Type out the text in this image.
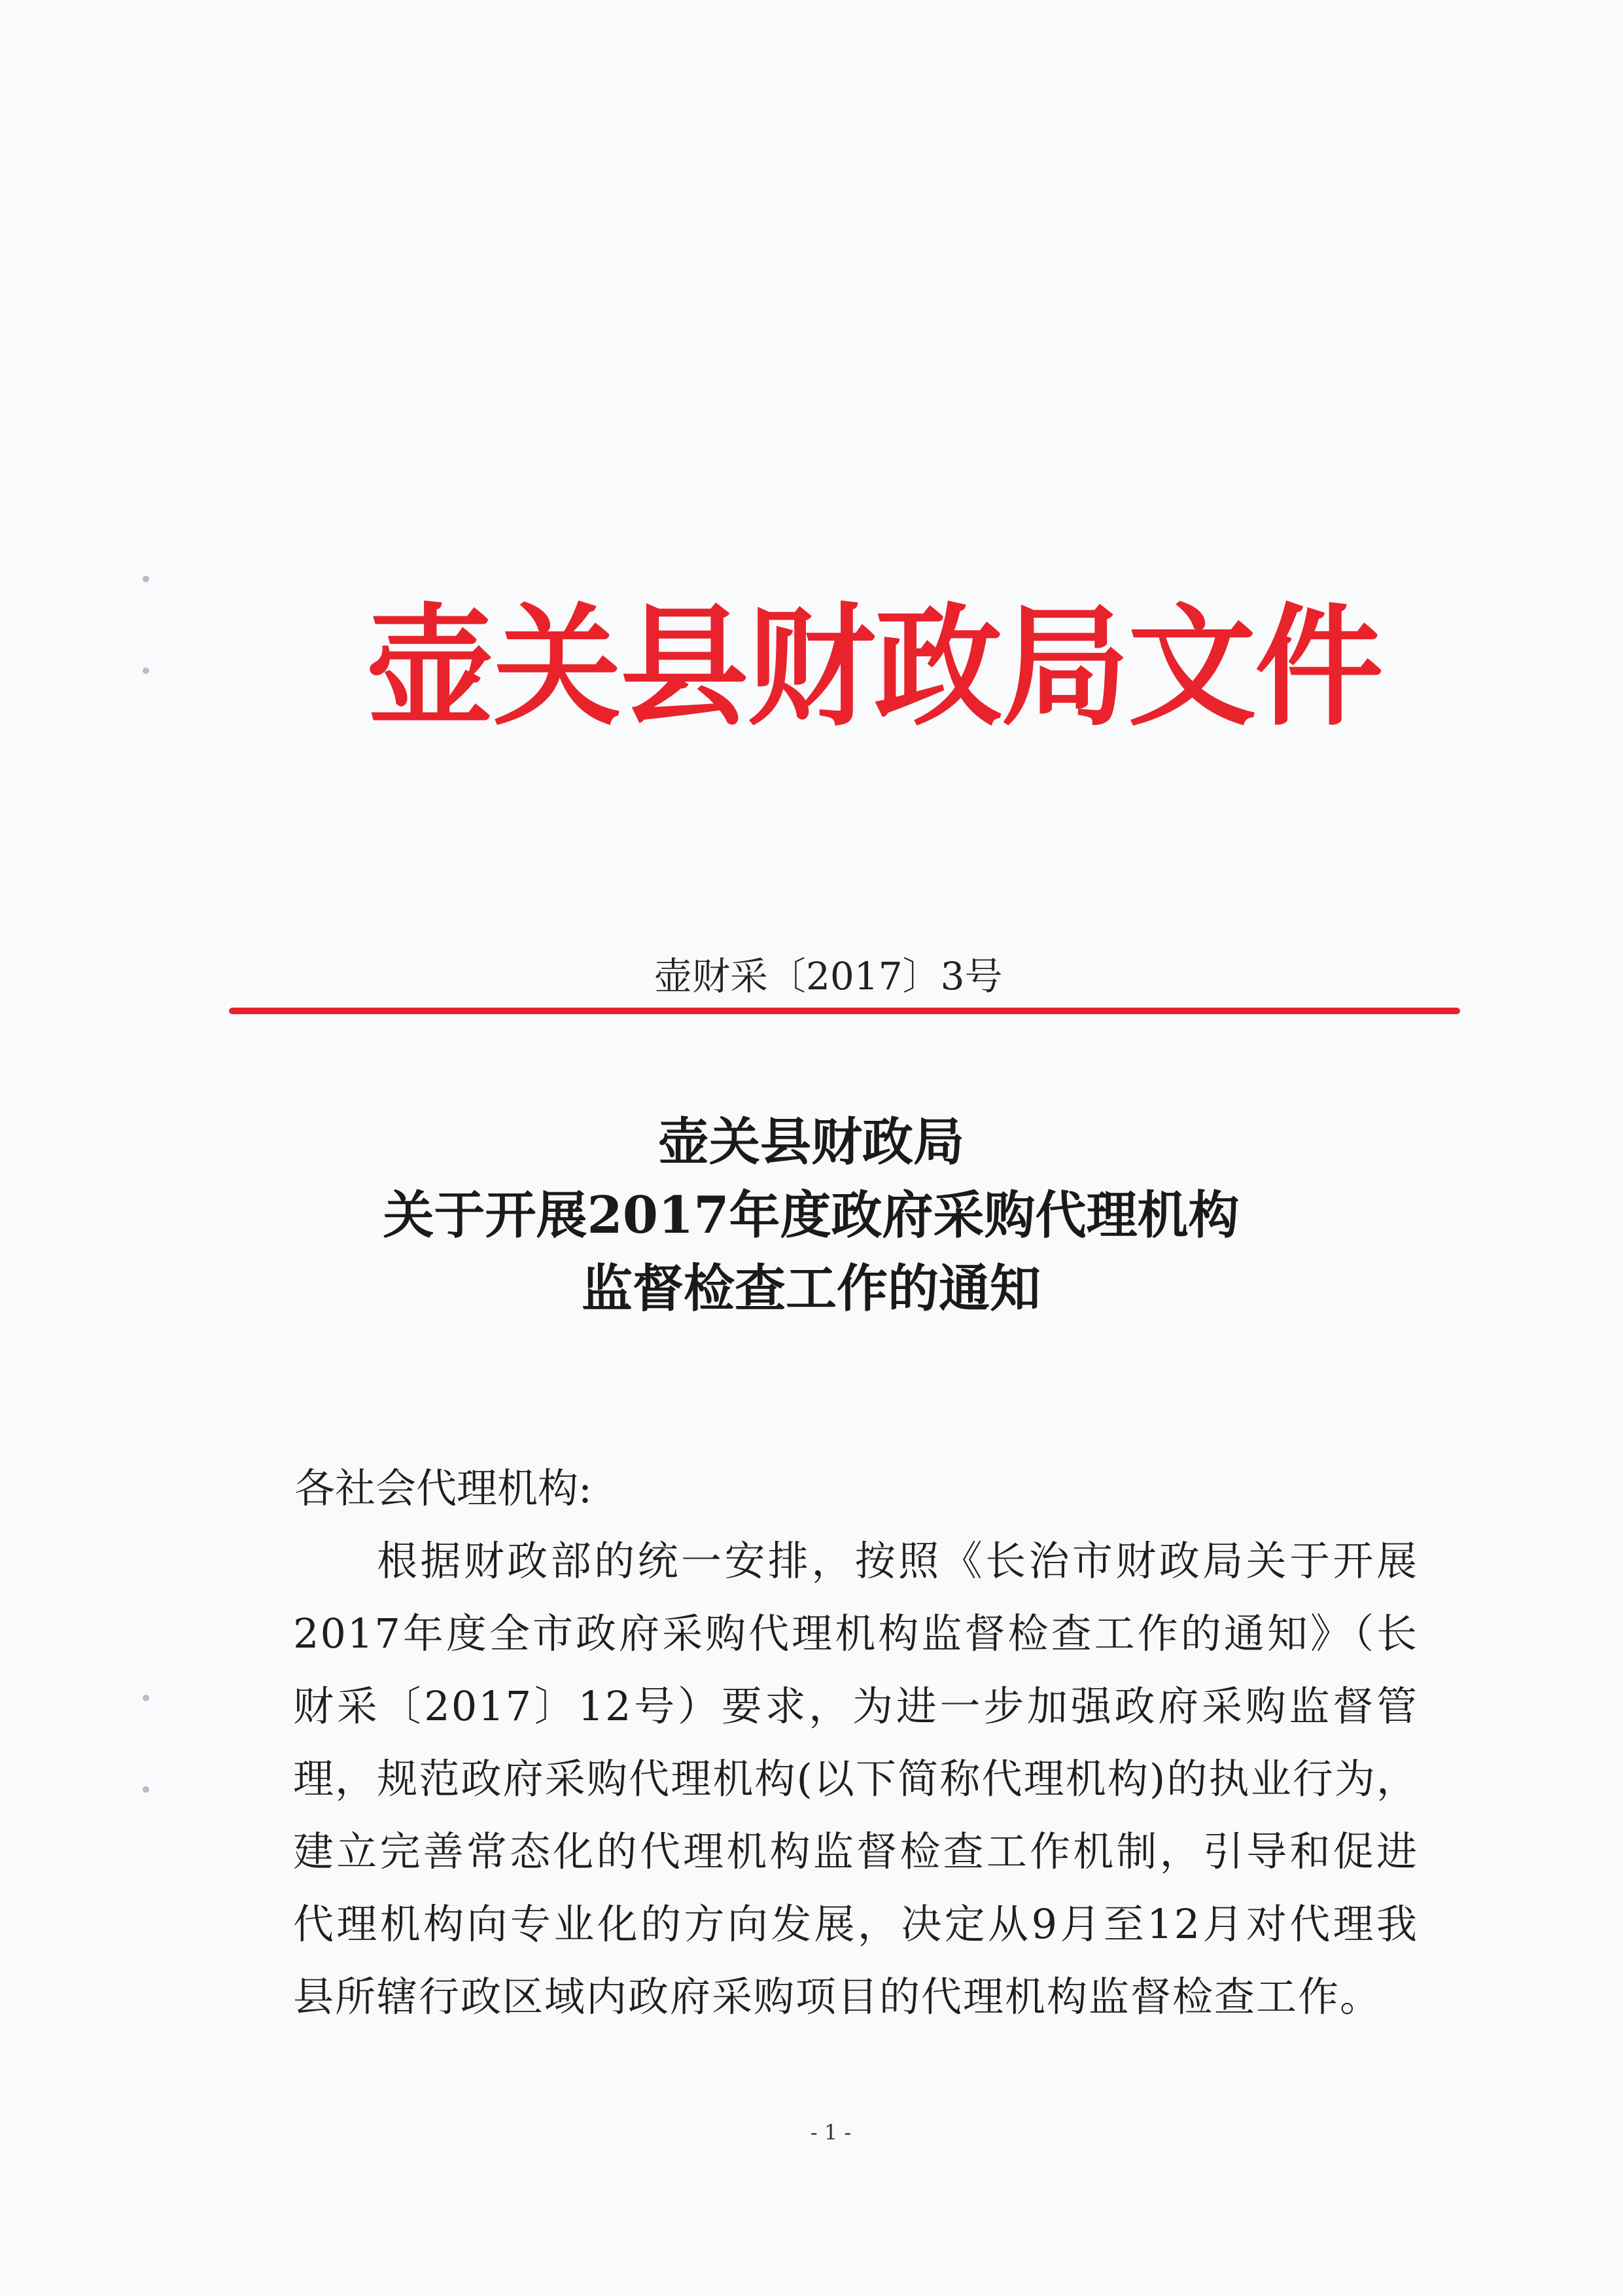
壶关县财政局文件
壶财采〔2017〕3号
壶关县财政局
关于开展2017年度政府采购代理机构
监督检查工作的通知
各社会代理机构:
根据财政部的统一安排，按照《长治市财政局关于开展2017年度全市政府采购代理机构监督检查工作的通知》（长财采〔2017〕12号）要求，为进一步加强政府采购监督管理，规范政府采购代理机构(以下简称代理机构)的执业行为，建立完善常态化的代理机构监督检查工作机制，引导和促进代理机构向专业化的方向发展，决定从9月至12月对代理我县所辖行政区域内政府采购项目的代理机构监督检查工作。
- 1 -
